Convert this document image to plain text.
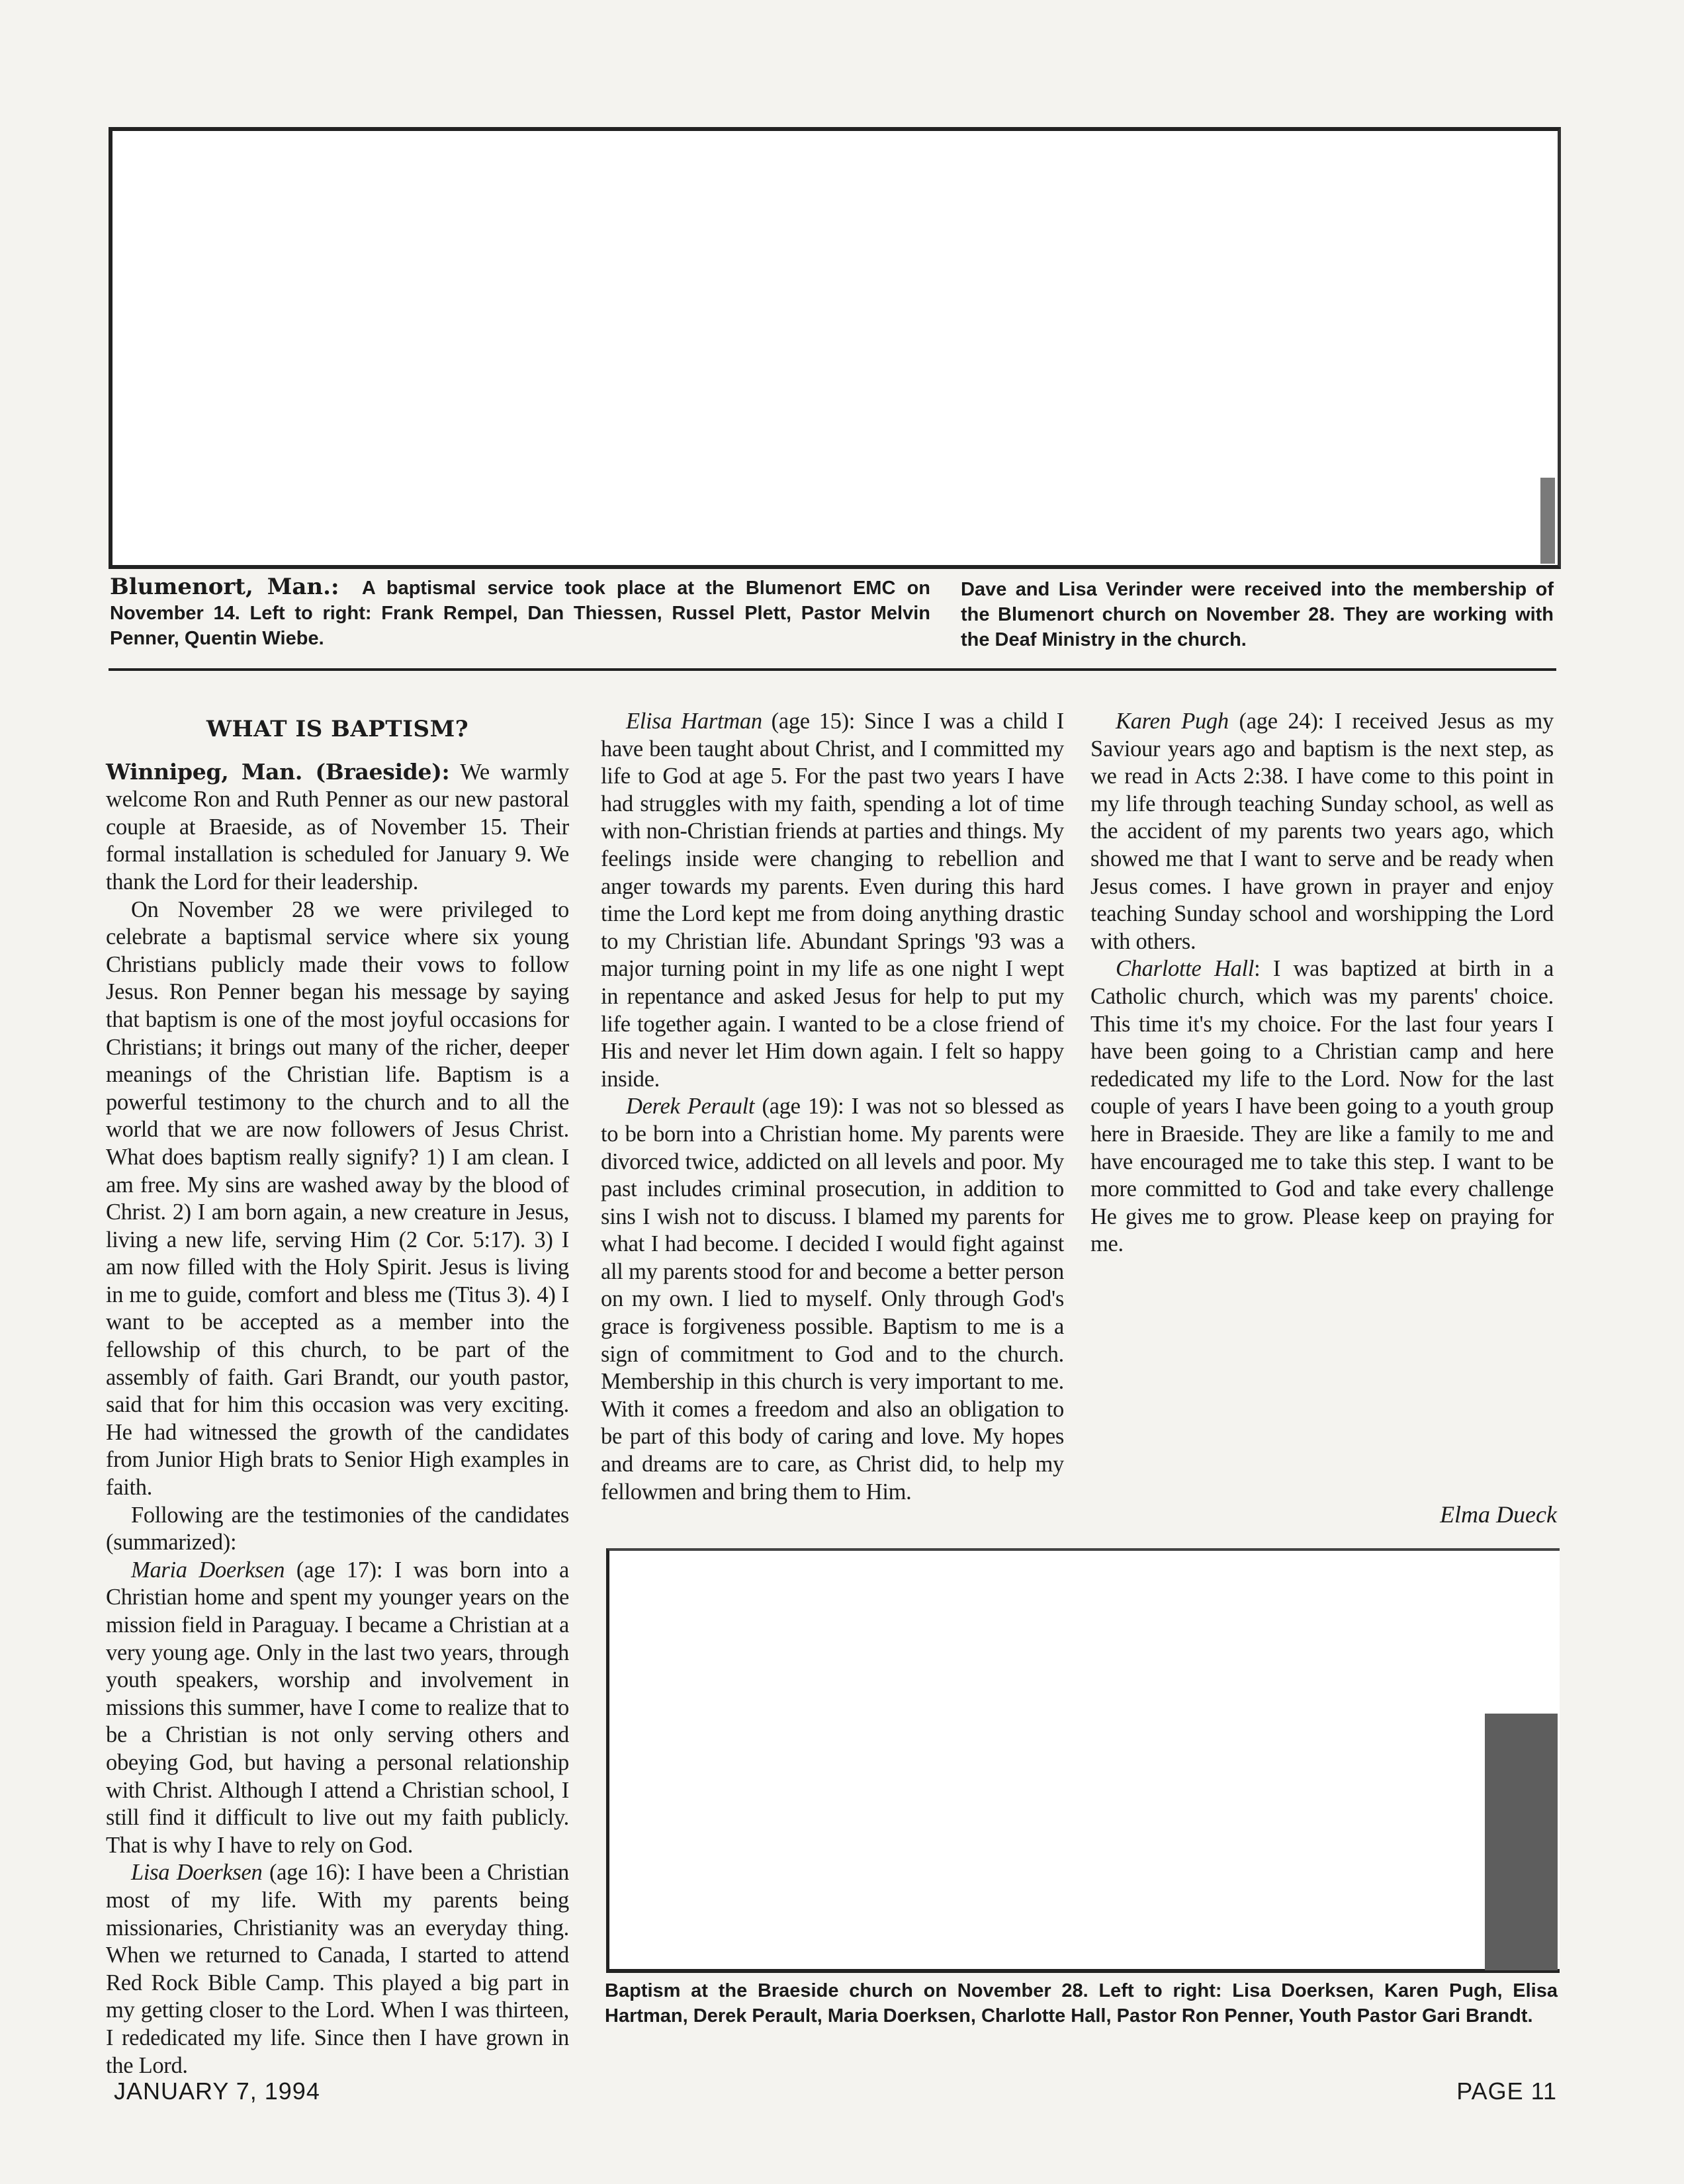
Blumenort, Man.: A baptismal service took place at the Blumenort EMC on November 14. Left to right: Frank Rempel, Dan Thiessen, Russel Plett, Pastor Melvin Penner, Quentin Wiebe.
Dave and Lisa Verinder were received into the membership of the Blumenort church on November 28. They are working with the Deaf Ministry in the church.
WHAT IS BAPTISM?

Winnipeg, Man. (Braeside): We warmly welcome Ron and Ruth Penner as our new pastoral couple at Braeside, as of November 15. Their formal installation is scheduled for January 9. We thank the Lord for their leadership.

On November 28 we were privileged to celebrate a baptismal service where six young Christians publicly made their vows to follow Jesus. Ron Penner began his message by saying that baptism is one of the most joyful occasions for Christians; it brings out many of the richer, deeper meanings of the Christian life. Baptism is a powerful testimony to the church and to all the world that we are now followers of Jesus Christ. What does baptism really signify? 1) I am clean. I am free. My sins are washed away by the blood of Christ. 2) I am born again, a new creature in Jesus, living a new life, serving Him (2 Cor. 5:17). 3) I am now filled with the Holy Spirit. Jesus is living in me to guide, comfort and bless me (Titus 3). 4) I want to be accepted as a member into the fellowship of this church, to be part of the assembly of faith. Gari Brandt, our youth pastor, said that for him this occasion was very exciting. He had witnessed the growth of the candidates from Junior High brats to Senior High examples in faith.

Following are the testimonies of the candidates (summarized):

Maria Doerksen (age 17): I was born into a Christian home and spent my younger years on the mission field in Paraguay. I became a Christian at a very young age. Only in the last two years, through youth speakers, worship and involvement in missions this summer, have I come to realize that to be a Christian is not only serving others and obeying God, but having a personal relationship with Christ. Although I attend a Christian school, I still find it difficult to live out my faith publicly. That is why I have to rely on God.

Lisa Doerksen (age 16): I have been a Christian most of my life. With my parents being missionaries, Christianity was an everyday thing. When we returned to Canada, I started to attend Red Rock Bible Camp. This played a big part in my getting closer to the Lord. When I was thirteen, I rededicated my life. Since then I have grown in the Lord.

Elisa Hartman (age 15): Since I was a child I have been taught about Christ, and I committed my life to God at age 5. For the past two years I have had struggles with my faith, spending a lot of time with non-Christian friends at parties and things. My feelings inside were changing to rebellion and anger towards my parents. Even during this hard time the Lord kept me from doing anything drastic to my Christian life. Abundant Springs '93 was a major turning point in my life as one night I wept in repentance and asked Jesus for help to put my life together again. I wanted to be a close friend of His and never let Him down again. I felt so happy inside.

Derek Perault (age 19): I was not so blessed as to be born into a Christian home. My parents were divorced twice, addicted on all levels and poor. My past includes criminal prosecution, in addition to sins I wish not to discuss. I blamed my parents for what I had become. I decided I would fight against all my parents stood for and become a better person on my own. I lied to myself. Only through God's grace is forgiveness possible. Baptism to me is a sign of commitment to God and to the church. Membership in this church is very important to me. With it comes a freedom and also an obligation to be part of this body of caring and love. My hopes and dreams are to care, as Christ did, to help my fellowmen and bring them to Him.

Karen Pugh (age 24): I received Jesus as my Saviour years ago and baptism is the next step, as we read in Acts 2:38. I have come to this point in my life through teaching Sunday school, as well as the accident of my parents two years ago, which showed me that I want to serve and be ready when Jesus comes. I have grown in prayer and enjoy teaching Sunday school and worshipping the Lord with others.

Charlotte Hall: I was baptized at birth in a Catholic church, which was my parents' choice. This time it's my choice. For the last four years I have been going to a Christian camp and here rededicated my life to the Lord. Now for the last couple of years I have been going to a youth group here in Braeside. They are like a family to me and have encouraged me to take this step. I want to be more committed to God and take every challenge He gives me to grow. Please keep on praying for me.

Elma Dueck
Baptism at the Braeside church on November 28. Left to right: Lisa Doerksen, Karen Pugh, Elisa Hartman, Derek Perault, Maria Doerksen, Charlotte Hall, Pastor Ron Penner, Youth Pastor Gari Brandt.
JANUARY 7, 1994	PAGE 11
